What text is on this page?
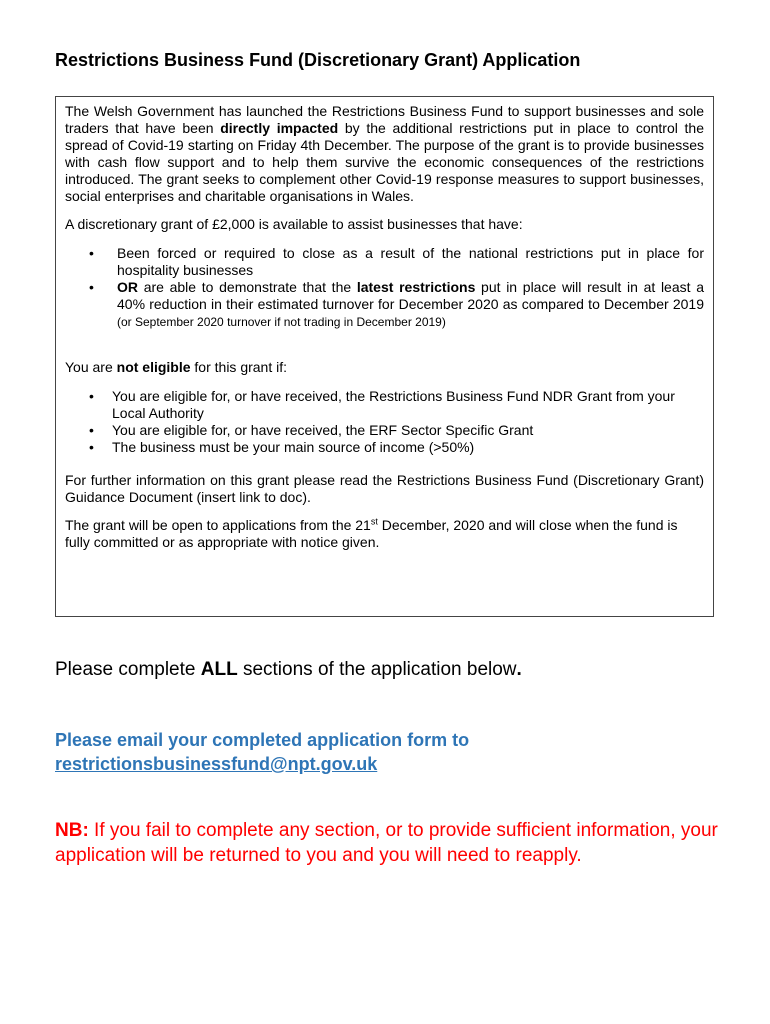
Restrictions Business Fund (Discretionary Grant) Application

The Welsh Government has launched the Restrictions Business Fund to support businesses and sole traders that have been directly impacted by the additional restrictions put in place to control the spread of Covid-19 starting on Friday 4th December. The purpose of the grant is to provide businesses with cash flow support and to help them survive the economic consequences of the restrictions introduced. The grant seeks to complement other Covid-19 response measures to support businesses, social enterprises and charitable organisations in Wales.

A discretionary grant of £2,000 is available to assist businesses that have:

• Been forced or required to close as a result of the national restrictions put in place for hospitality businesses
• OR are able to demonstrate that the latest restrictions put in place will result in at least a 40% reduction in their estimated turnover for December 2020 as compared to December 2019 (or September 2020 turnover if not trading in December 2019)

You are not eligible for this grant if:

• You are eligible for, or have received, the Restrictions Business Fund NDR Grant from your Local Authority
• You are eligible for, or have received, the ERF Sector Specific Grant
• The business must be your main source of income (>50%)

For further information on this grant please read the Restrictions Business Fund (Discretionary Grant) Guidance Document (insert link to doc).

The grant will be open to applications from the 21st December, 2020 and will close when the fund is fully committed or as appropriate with notice given.

Please complete ALL sections of the application below.
Please email your completed application form to
restrictionsbusinessfund@npt.gov.uk
NB: If you fail to complete any section, or to provide sufficient information, your application will be returned to you and you will need to reapply.
